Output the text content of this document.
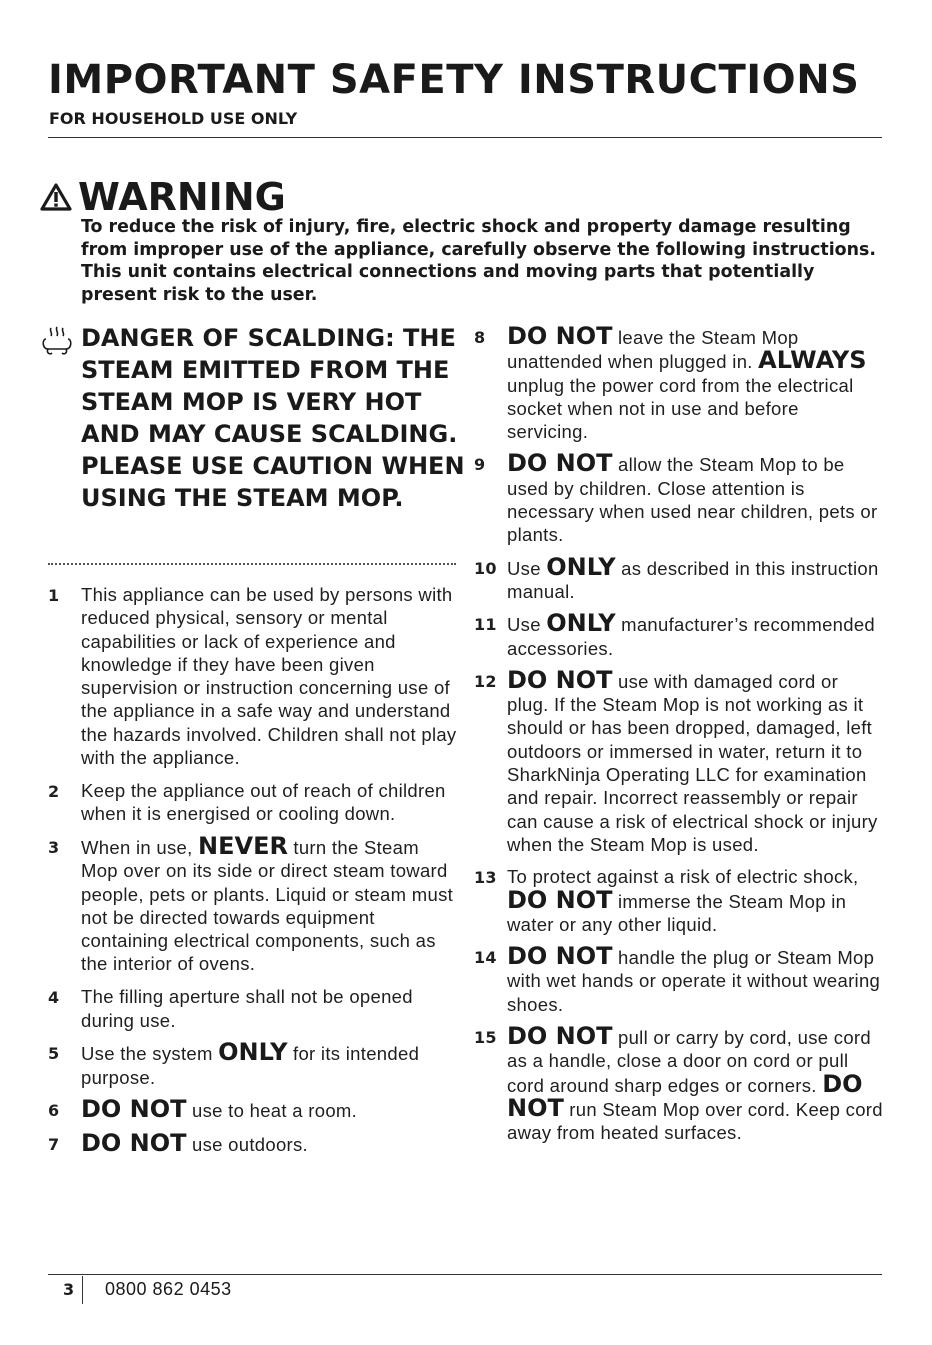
IMPORTANT SAFETY INSTRUCTIONS
FOR HOUSEHOLD USE ONLY
WARNING

To reduce the risk of injury, fire, electric shock and property damage resulting from improper use of the appliance, carefully observe the following instructions. This unit contains electrical connections and moving parts that potentially present risk to the user.

DANGER OF SCALDING: THE STEAM EMITTED FROM THE STEAM MOP IS VERY HOT AND MAY CAUSE SCALDING. PLEASE USE CAUTION WHEN USING THE STEAM MOP.

1 This appliance can be used by persons with reduced physical, sensory or mental capabilities or lack of experience and knowledge if they have been given supervision or instruction concerning use of the appliance in a safe way and understand the hazards involved. Children shall not play with the appliance.
2 Keep the appliance out of reach of children when it is energised or cooling down.
3 When in use, NEVER turn the Steam Mop over on its side or direct steam toward people, pets or plants. Liquid or steam must not be directed towards equipment containing electrical components, such as the interior of ovens.
4 The filling aperture shall not be opened during use.
5 Use the system ONLY for its intended purpose.
6 DO NOT use to heat a room.
7 DO NOT use outdoors.
8 DO NOT leave the Steam Mop unattended when plugged in. ALWAYS unplug the power cord from the electrical socket when not in use and before servicing.
9 DO NOT allow the Steam Mop to be used by children. Close attention is necessary when used near children, pets or plants.
10 Use ONLY as described in this instruction manual.
11 Use ONLY manufacturer’s recommended accessories.
12 DO NOT use with damaged cord or plug. If the Steam Mop is not working as it should or has been dropped, damaged, left outdoors or immersed in water, return it to SharkNinja Operating LLC for examination and repair. Incorrect reassembly or repair can cause a risk of electrical shock or injury when the Steam Mop is used.
13 To protect against a risk of electric shock, DO NOT immerse the Steam Mop in water or any other liquid.
14 DO NOT handle the plug or Steam Mop with wet hands or operate it without wearing shoes.
15 DO NOT pull or carry by cord, use cord as a handle, close a door on cord or pull cord around sharp edges or corners. DO NOT run Steam Mop over cord. Keep cord away from heated surfaces.
3 0800 862 0453
